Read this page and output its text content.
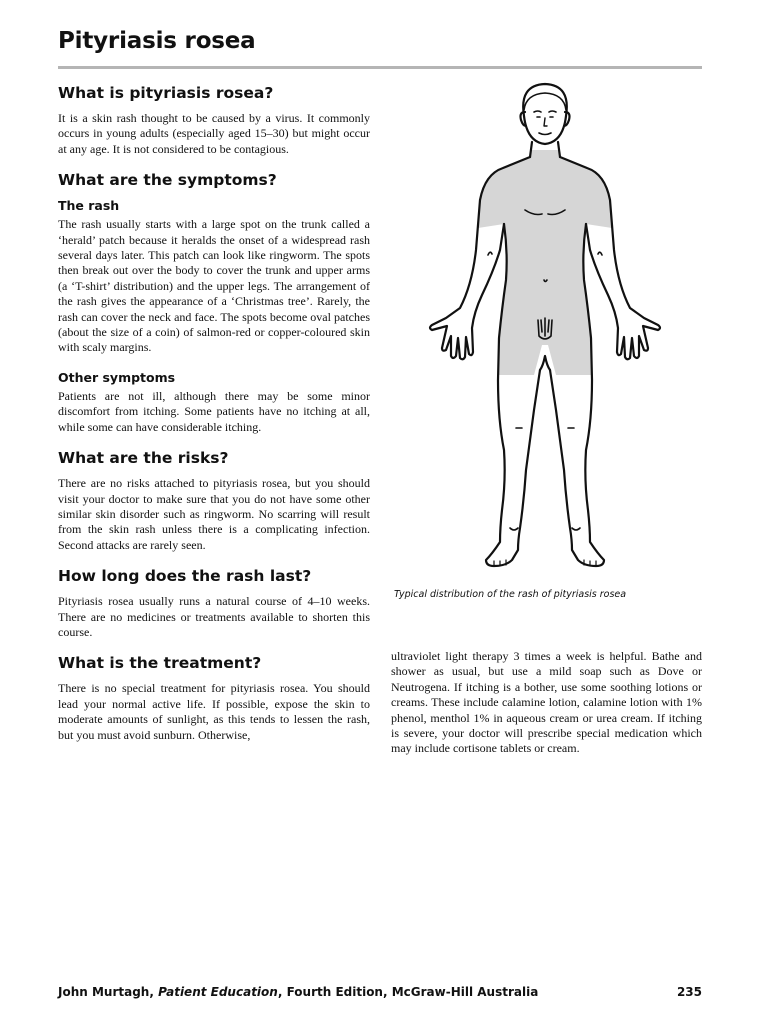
Pityriasis rosea
What is pityriasis rosea?

It is a skin rash thought to be caused by a virus. It commonly occurs in young adults (especially aged 15–30) but might occur at any age. It is not considered to be contagious.

What are the symptoms?
The rash

The rash usually starts with a large spot on the trunk called a ‘herald’ patch because it heralds the onset of a widespread rash several days later. This patch can look like ringworm. The spots then break out over the body to cover the trunk and upper arms (a ‘T-shirt’ distribution) and the upper legs. The arrangement of the rash gives the appearance of a ‘Christmas tree’. Rarely, the rash can cover the neck and face. The spots become oval patches (about the size of a coin) of salmon-red or copper-coloured skin with scaly margins.

Other symptoms

Patients are not ill, although there may be some minor discomfort from itching. Some patients have no itching at all, while some can have considerable itching.

What are the risks?

There are no risks attached to pityriasis rosea, but you should visit your doctor to make sure that you do not have some other similar skin disorder such as ringworm. No scarring will result from the skin rash unless there is a complicating infection. Second attacks are rarely seen.

How long does the rash last?

Pityriasis rosea usually runs a natural course of 4–10 weeks. There are no medicines or treatments available to shorten this course.

What is the treatment?

There is no special treatment for pityriasis rosea. You should lead your normal active life. If possible, expose the skin to moderate amounts of sunlight, as this tends to lessen the rash, but you must avoid sunburn. Otherwise,

Typical distribution of the rash of pityriasis rosea

ultraviolet light therapy 3 times a week is helpful. Bathe and shower as usual, but use a mild soap such as Dove or Neutrogena. If itching is a bother, use some soothing lotions or creams. These include calamine lotion, calamine lotion with 1% phenol, menthol 1% in aqueous cream or urea cream. If itching is severe, your doctor will prescribe special medication which may include cortisone tablets or cream.

John Murtagh, Patient Education, Fourth Edition, McGraw-Hill Australia	235
